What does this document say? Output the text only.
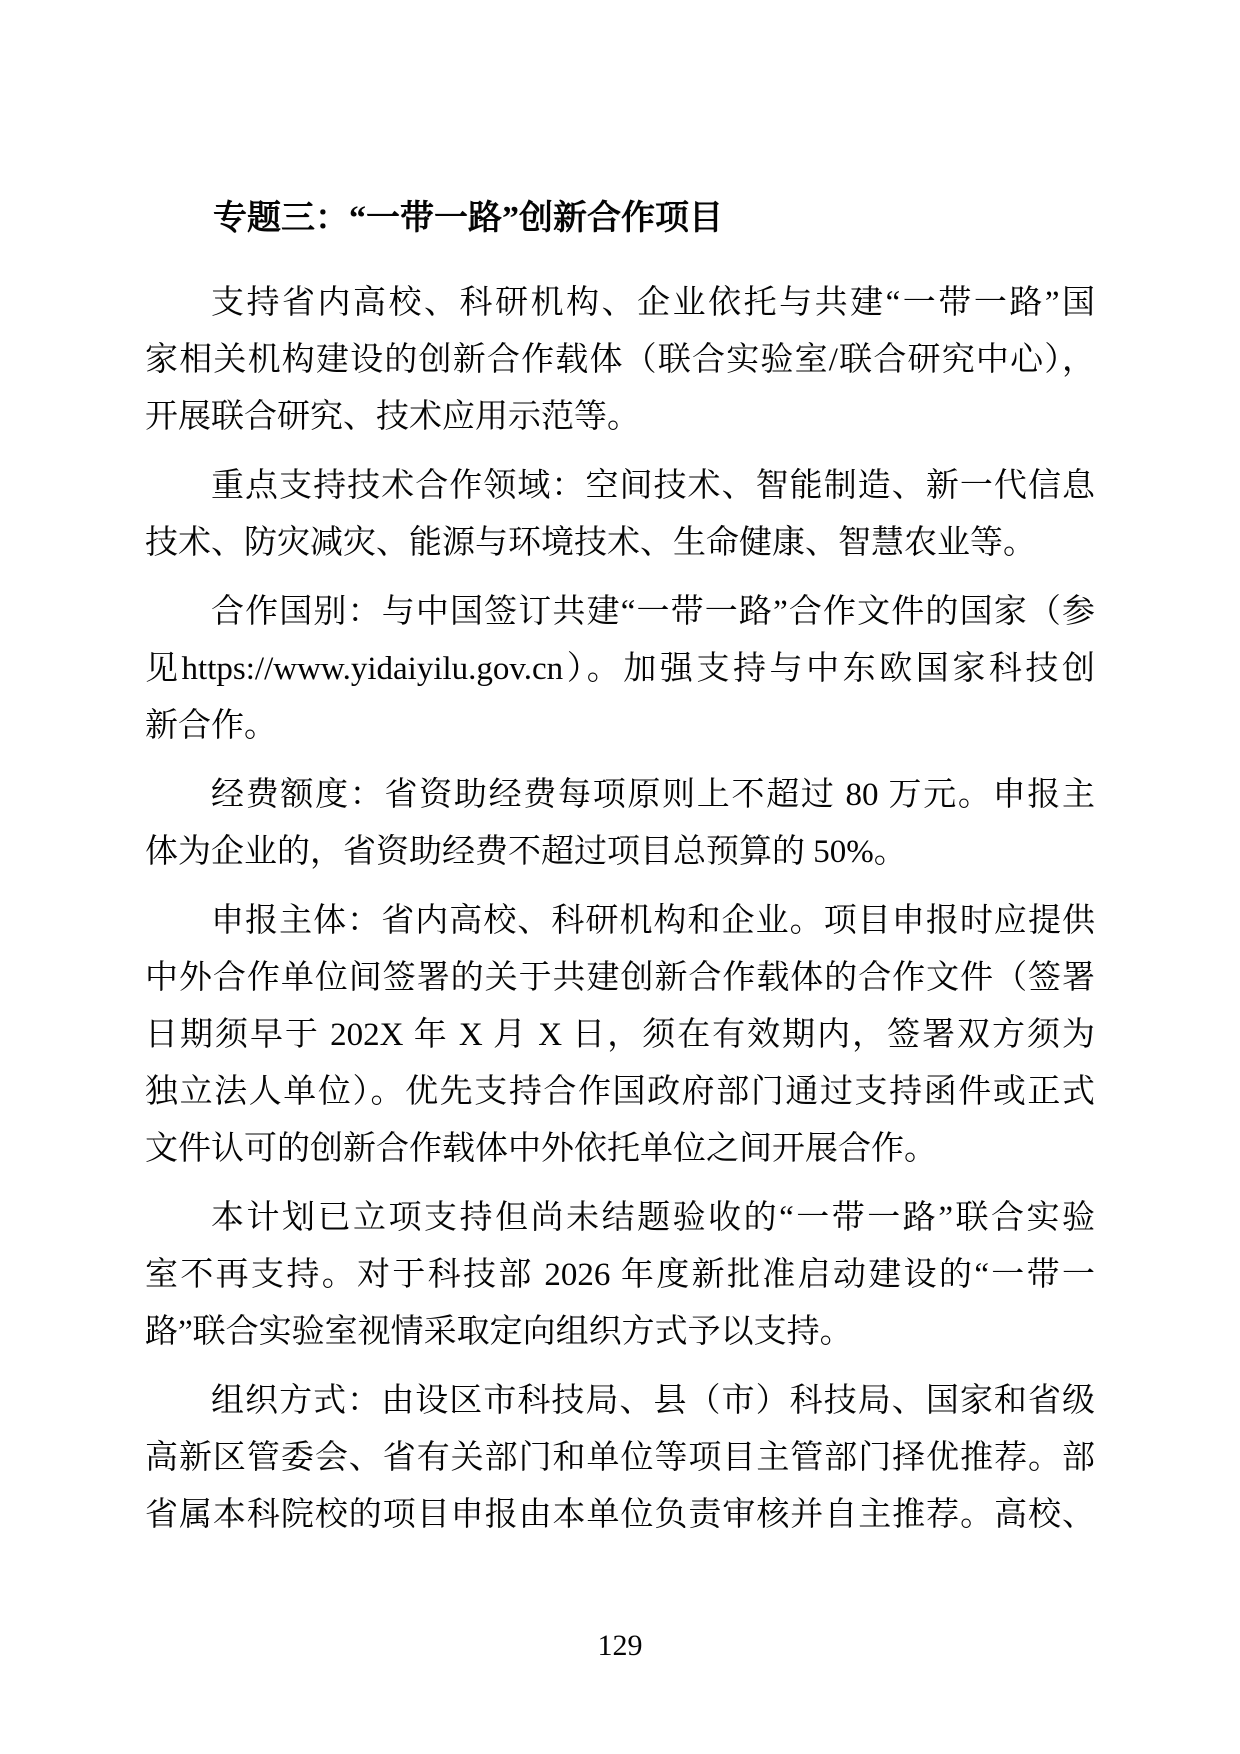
专题三：“一带一路”创新合作项目
支持省内高校、科研机构、企业依托与共建“一带一路”国
家相关机构建设的创新合作载体（联合实验室/联合研究中心），
开展联合研究、技术应用示范等。
重点支持技术合作领域：空间技术、智能制造、新一代信息
技术、防灾减灾、能源与环境技术、生命健康、智慧农业等。
合作国别：与中国签订共建“一带一路”合作文件的国家（参
见https://www.yidaiyilu.gov.cn）。加强支持与中东欧国家科技创
新合作。
经费额度：省资助经费每项原则上不超过 80 万元。申报主
体为企业的，省资助经费不超过项目总预算的 50%。
申报主体：省内高校、科研机构和企业。项目申报时应提供
中外合作单位间签署的关于共建创新合作载体的合作文件（签署
日期须早于 202X 年 X 月 X 日，须在有效期内，签署双方须为
独立法人单位）。优先支持合作国政府部门通过支持函件或正式
文件认可的创新合作载体中外依托单位之间开展合作。
本计划已立项支持但尚未结题验收的“一带一路”联合实验
室不再支持。对于科技部 2026 年度新批准启动建设的“一带一
路”联合实验室视情采取定向组织方式予以支持。
组织方式：由设区市科技局、县（市）科技局、国家和省级
高新区管委会、省有关部门和单位等项目主管部门择优推荐。部
省属本科院校的项目申报由本单位负责审核并自主推荐。高校、
129
